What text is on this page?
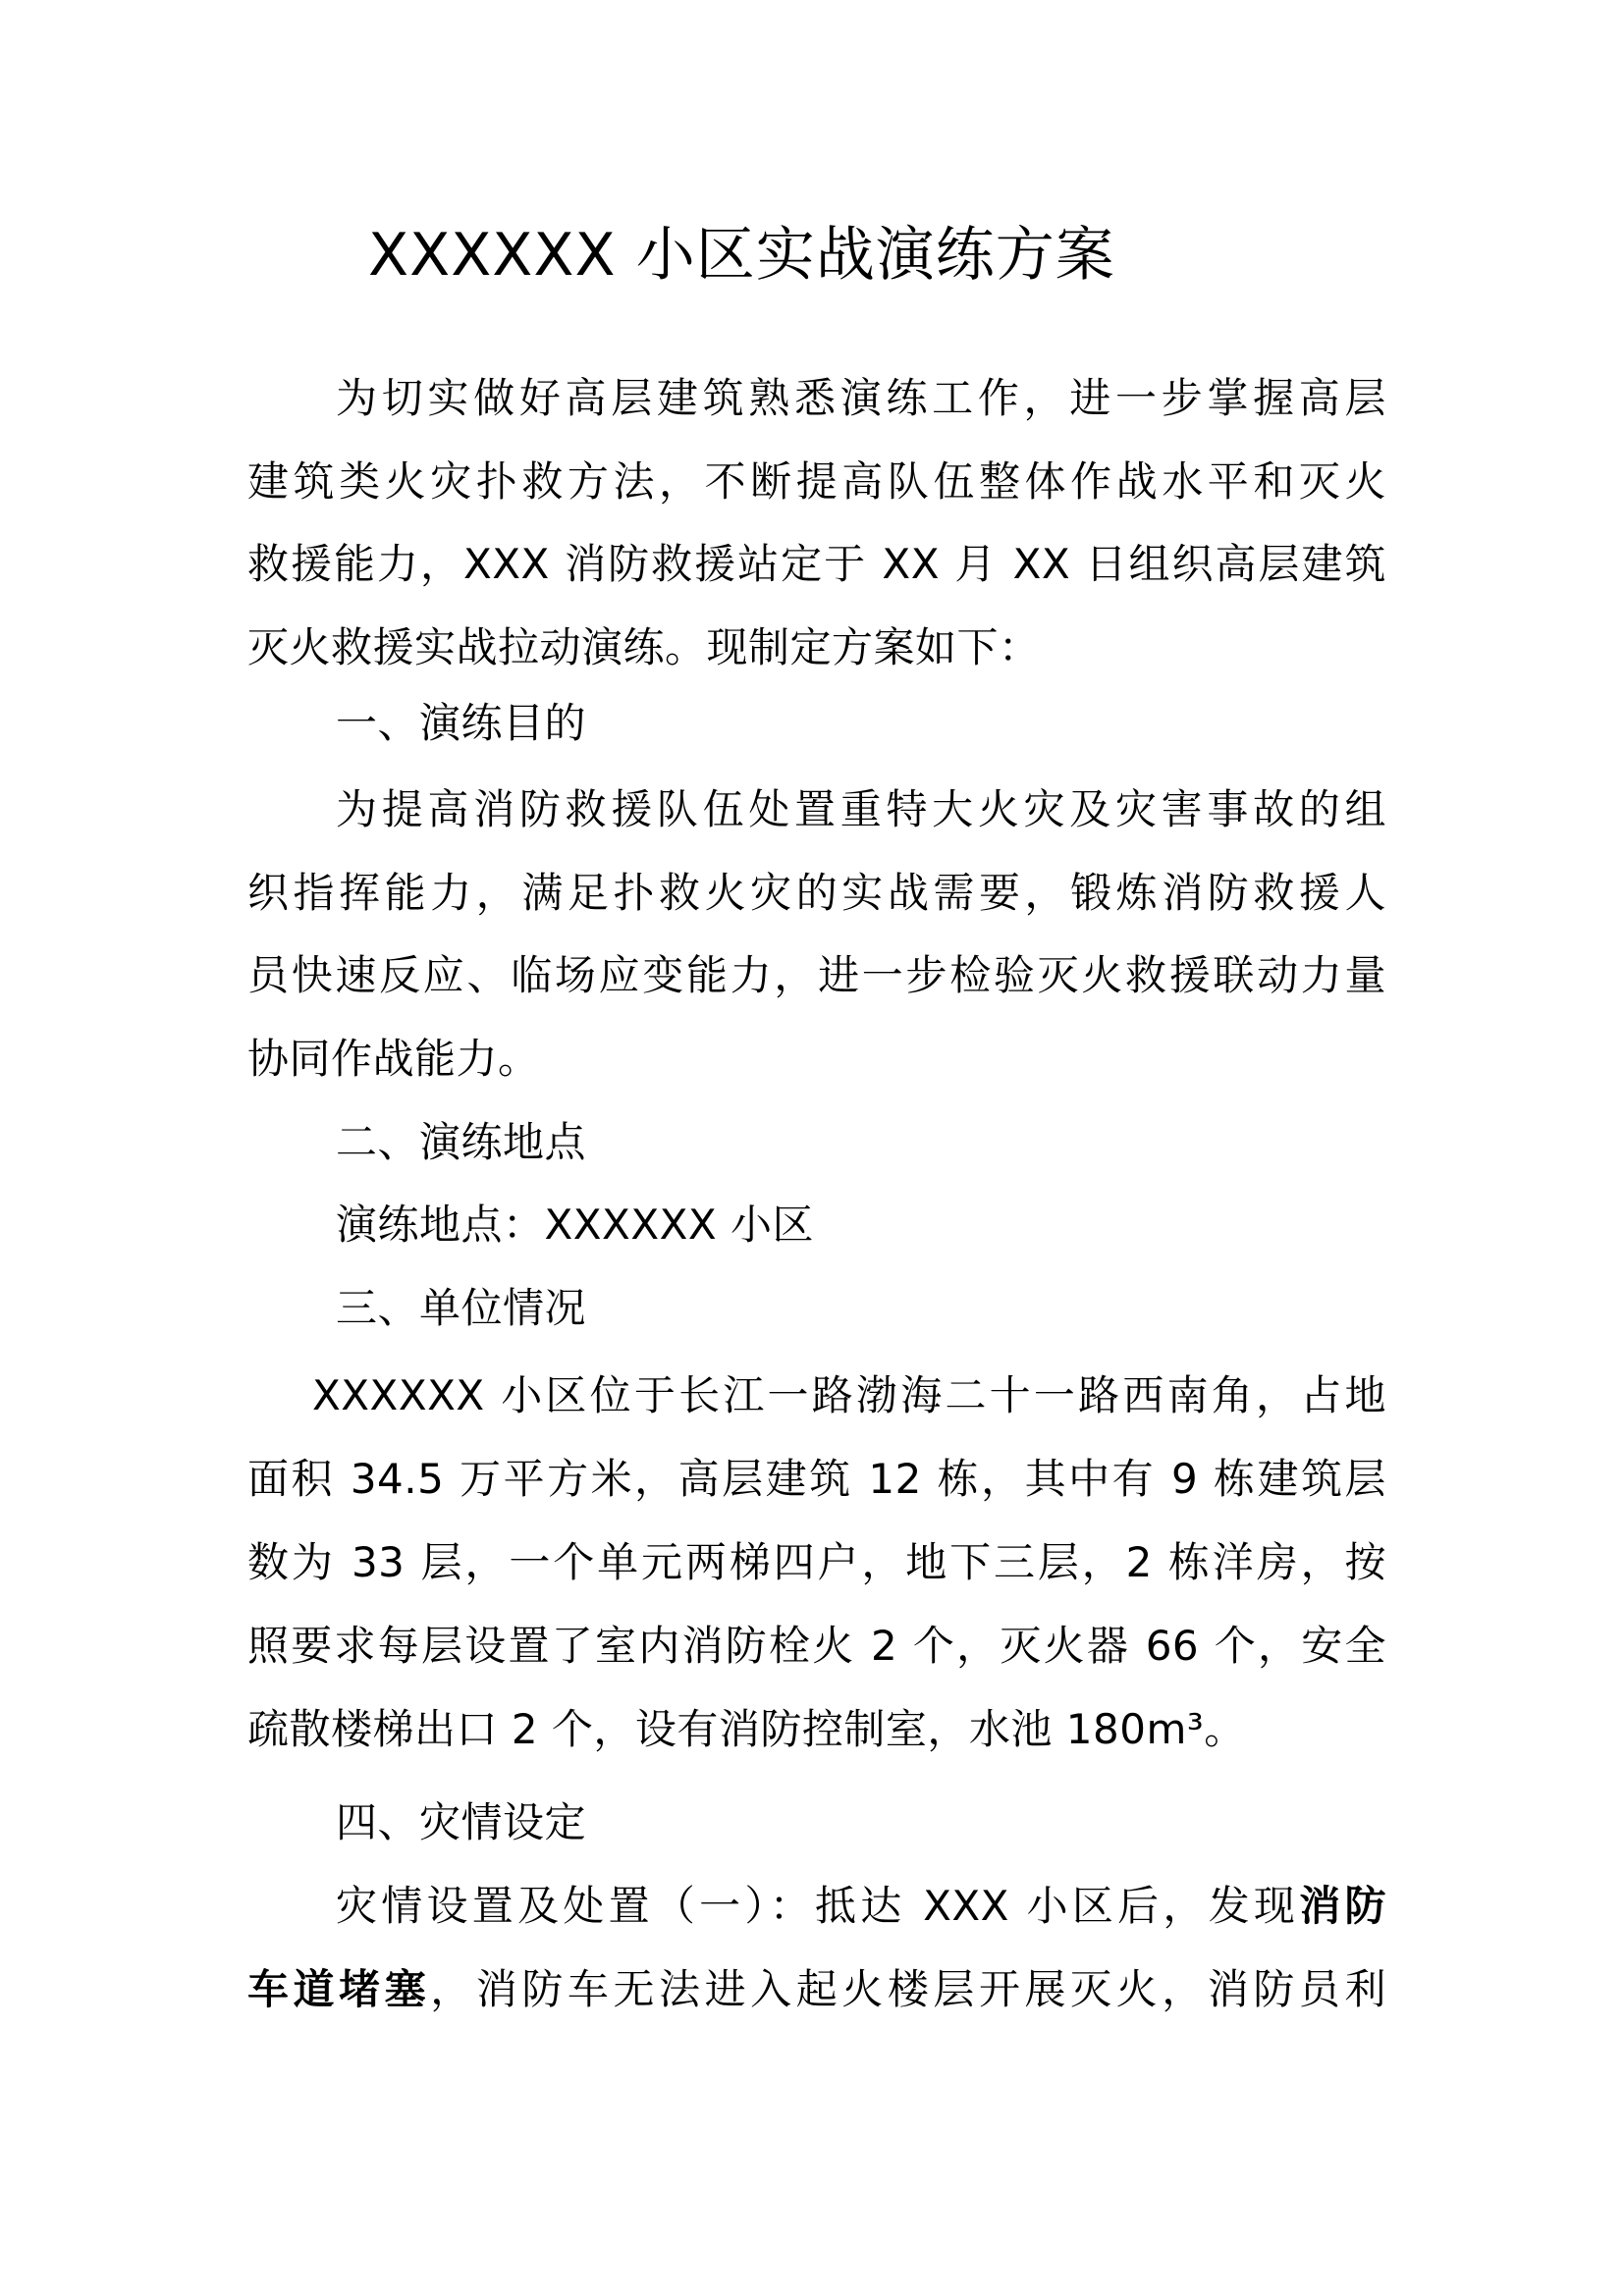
XXXXXX 小区实战演练方案
为切实做好高层建筑熟悉演练工作，进一步掌握高层
建筑类火灾扑救方法，不断提高队伍整体作战水平和灭火
救援能力，XXX 消防救援站定于 XX 月 XX 日组织高层建筑
灭火救援实战拉动演练。现制定方案如下：
一、演练目的
为提高消防救援队伍处置重特大火灾及灾害事故的组
织指挥能力，满足扑救火灾的实战需要，锻炼消防救援人
员快速反应、临场应变能力，进一步检验灭火救援联动力量
协同作战能力。
二、演练地点
演练地点：XXXXXX 小区
三、单位情况
XXXXXX 小区位于长江一路渤海二十一路西南角，占地
面积 34.5 万平方米，高层建筑 12 栋，其中有 9 栋建筑层
数为 33 层，一个单元两梯四户，地下三层，2 栋洋房，按
照要求每层设置了室内消防栓火 2 个，灭火器 66 个，安全
疏散楼梯出口 2 个，设有消防控制室，水池 180m³。
四、灾情设定
灾情设置及处置（一）：抵达 XXX 小区后，发现消防
车道堵塞，消防车无法进入起火楼层开展灭火，消防员利
